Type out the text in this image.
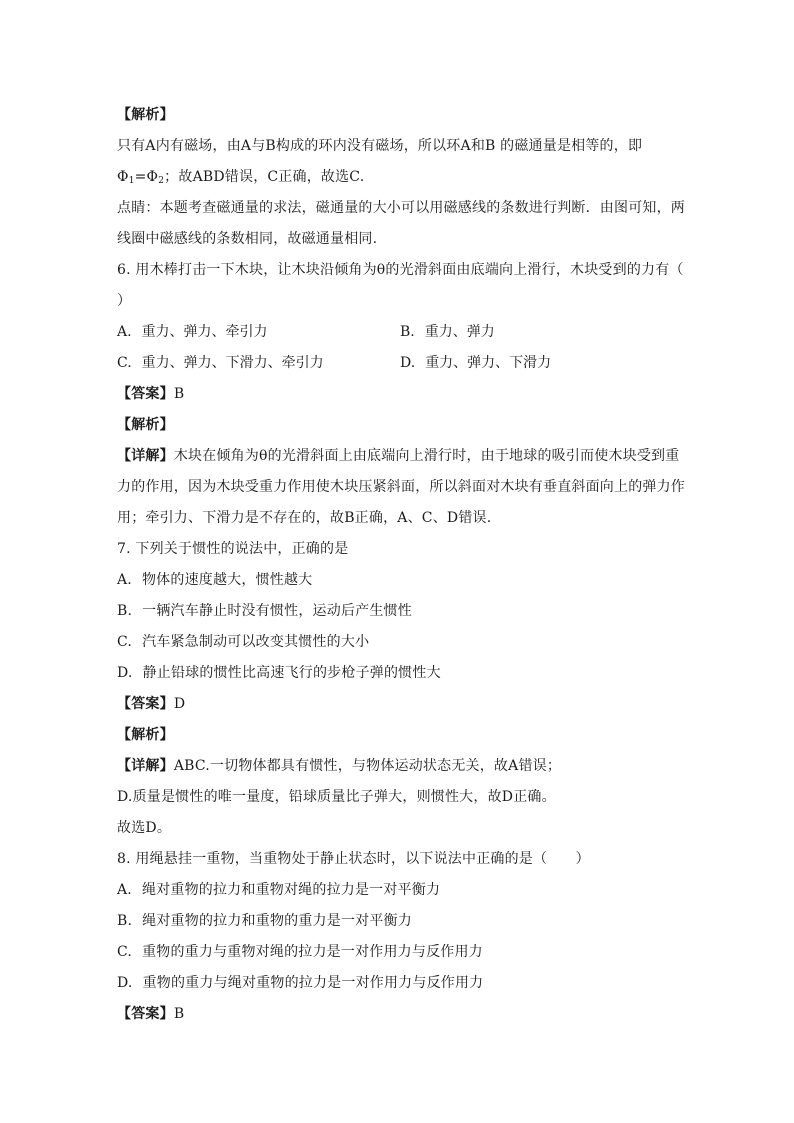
【解析】
只有A内有磁场，由A与B构成的环内没有磁场，所以环A和B 的磁通量是相等的，即
$\Phi_1=\Phi_2$；故ABD错误，C正确，故选C.
点睛：本题考查磁通量的求法，磁通量的大小可以用磁感线的条数进行判断．由图可知，两
线圈中磁感线的条数相同，故磁通量相同.
6. 用木棒打击一下木块，让木块沿倾角为θ的光滑斜面由底端向上滑行，木块受到的力有（
）
A. 重力、弹力、牵引力	B. 重力、弹力
C. 重力、弹力、下滑力、牵引力	D. 重力、弹力、下滑力
【答案】B
【解析】
【详解】木块在倾角为θ的光滑斜面上由底端向上滑行时，由于地球的吸引而使木块受到重
力的作用，因为木块受重力作用使木块压紧斜面，所以斜面对木块有垂直斜面向上的弹力作
用；牵引力、下滑力是不存在的，故B正确，A、C、D错误.
7. 下列关于惯性的说法中，正确的是
A. 物体的速度越大，惯性越大
B. 一辆汽车静止时没有惯性，运动后产生惯性
C. 汽车紧急制动可以改变其惯性的大小
D. 静止铅球的惯性比高速飞行的步枪子弹的惯性大
【答案】D
【解析】
【详解】ABC.一切物体都具有惯性，与物体运动状态无关，故A错误；
D.质量是惯性的唯一量度，铅球质量比子弹大，则惯性大，故D正确。
故选D。
8. 用绳悬挂一重物，当重物处于静止状态时，以下说法中正确的是（　　）
A. 绳对重物的拉力和重物对绳的拉力是一对平衡力
B. 绳对重物的拉力和重物的重力是一对平衡力
C. 重物的重力与重物对绳的拉力是一对作用力与反作用力
D. 重物的重力与绳对重物的拉力是一对作用力与反作用力
【答案】B
